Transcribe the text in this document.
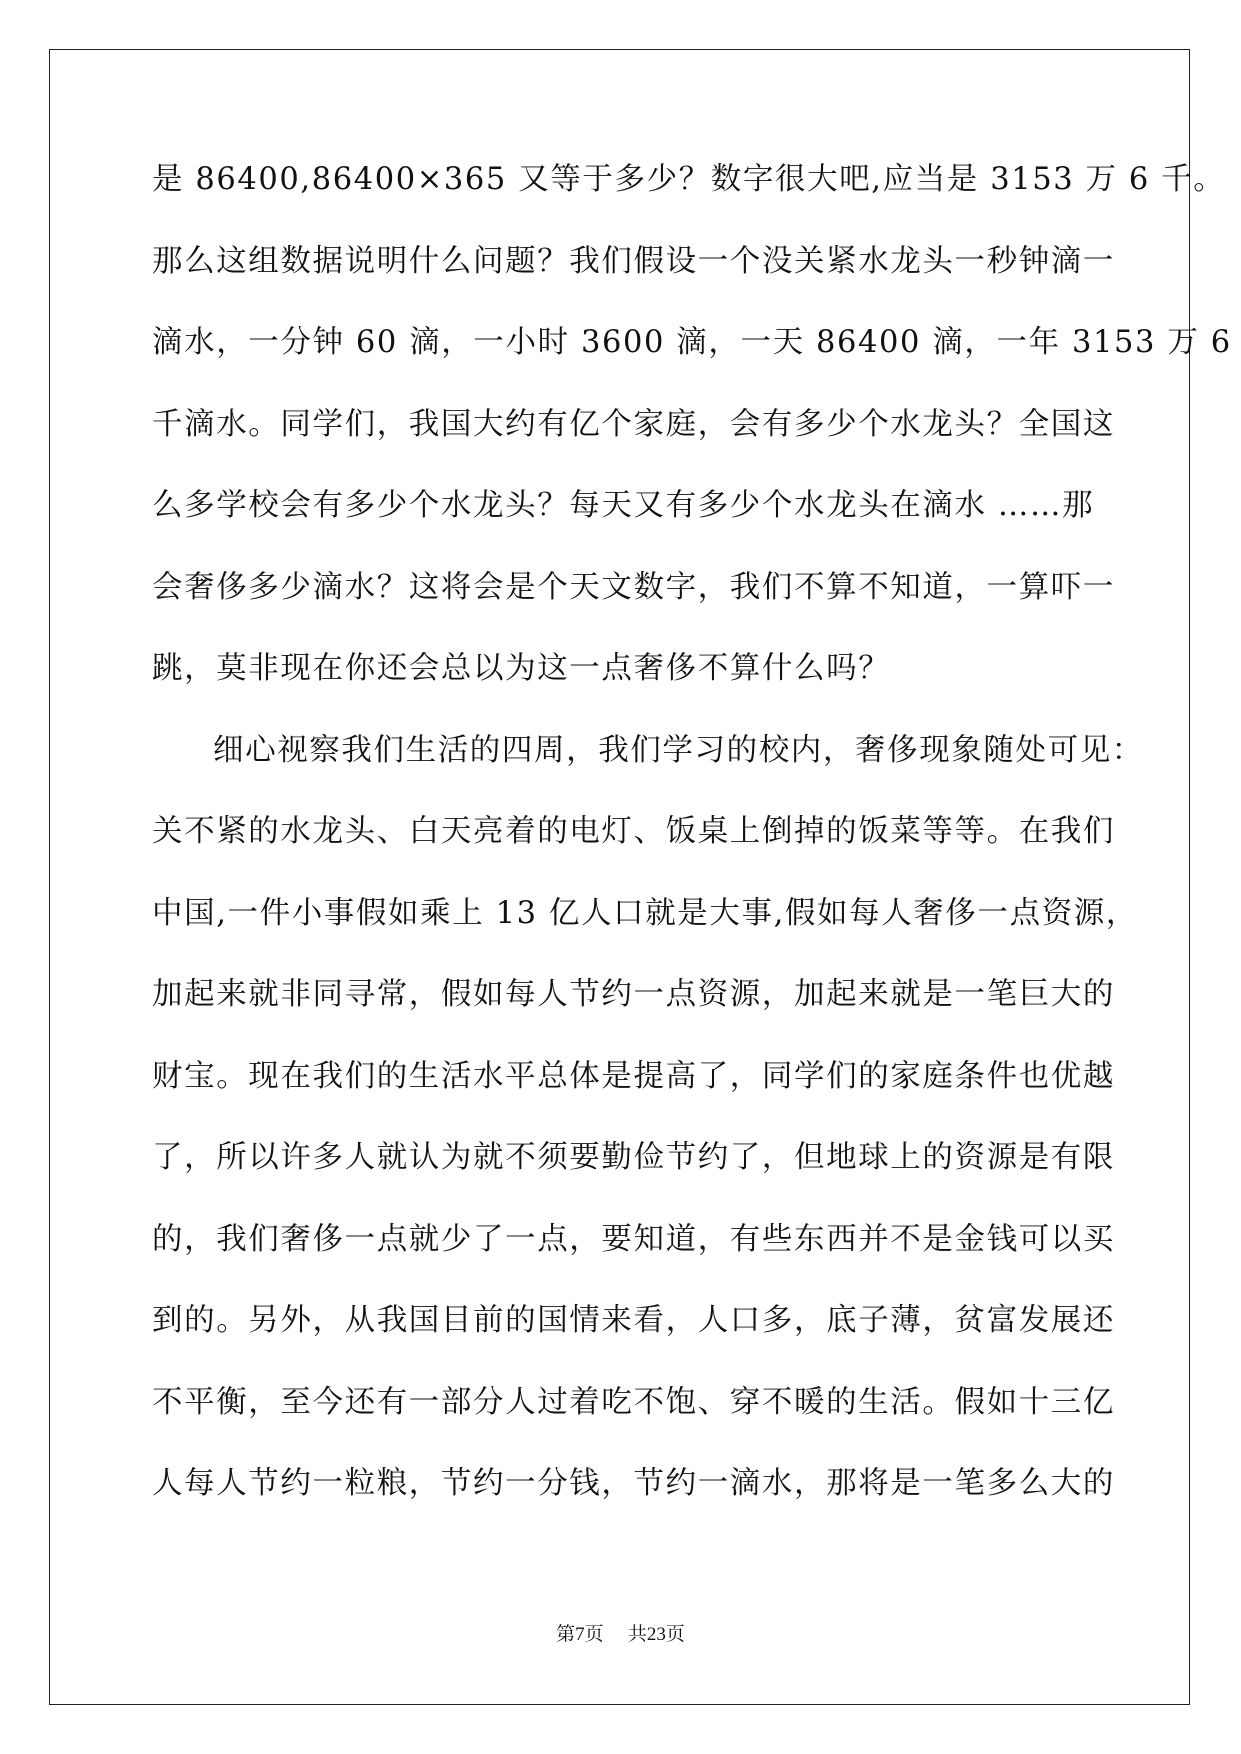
是 86400,86400×365 又等于多少？数字很大吧,应当是 3153 万 6 千。
那么这组数据说明什么问题？我们假设一个没关紧水龙头一秒钟滴一
滴水，一分钟 60 滴，一小时 3600 滴，一天 86400 滴，一年 3153 万 6
千滴水。同学们，我国大约有亿个家庭，会有多少个水龙头？全国这
么多学校会有多少个水龙头？每天又有多少个水龙头在滴水 ……那
会奢侈多少滴水？这将会是个天文数字，我们不算不知道，一算吓一
跳，莫非现在你还会总以为这一点奢侈不算什么吗？
细心视察我们生活的四周，我们学习的校内，奢侈现象随处可见：
关不紧的水龙头、白天亮着的电灯、饭桌上倒掉的饭菜等等。在我们
中国,一件小事假如乘上 13 亿人口就是大事,假如每人奢侈一点资源，
加起来就非同寻常，假如每人节约一点资源，加起来就是一笔巨大的
财宝。现在我们的生活水平总体是提高了，同学们的家庭条件也优越
了，所以许多人就认为就不须要勤俭节约了，但地球上的资源是有限
的，我们奢侈一点就少了一点，要知道，有些东西并不是金钱可以买
到的。另外，从我国目前的国情来看，人口多，底子薄，贫富发展还
不平衡，至今还有一部分人过着吃不饱、穿不暖的生活。假如十三亿
人每人节约一粒粮，节约一分钱，节约一滴水，那将是一笔多么大的
第7页 共23页
